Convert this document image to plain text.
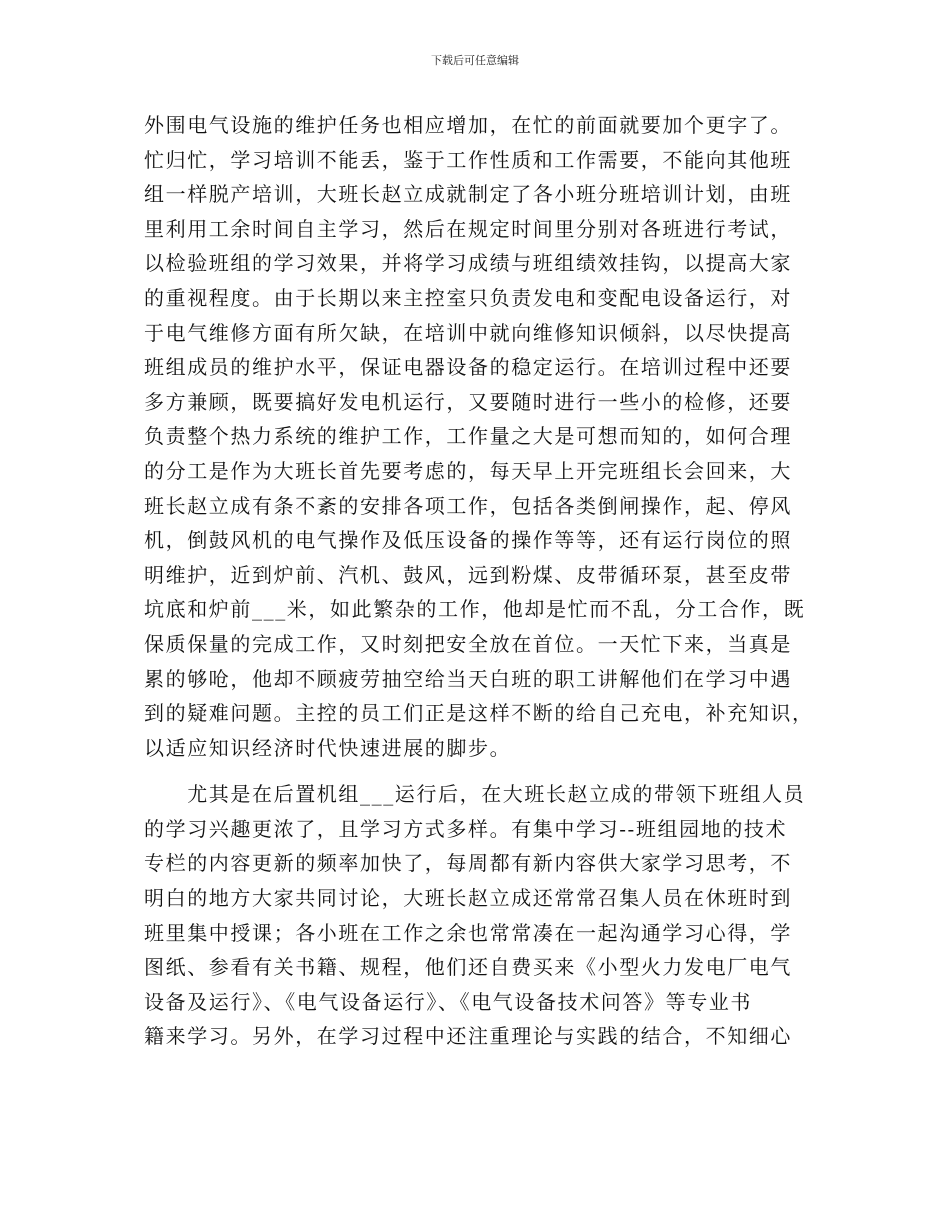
下载后可任意编辑
外围电气设施的维护任务也相应增加，在忙的前面就要加个更字了。
忙归忙，学习培训不能丢，鉴于工作性质和工作需要，不能向其他班
组一样脱产培训，大班长赵立成就制定了各小班分班培训计划，由班
里利用工余时间自主学习，然后在规定时间里分别对各班进行考试，
以检验班组的学习效果，并将学习成绩与班组绩效挂钩，以提高大家
的重视程度。由于长期以来主控室只负责发电和变配电设备运行，对
于电气维修方面有所欠缺，在培训中就向维修知识倾斜，以尽快提高
班组成员的维护水平，保证电器设备的稳定运行。在培训过程中还要
多方兼顾，既要搞好发电机运行，又要随时进行一些小的检修，还要
负责整个热力系统的维护工作，工作量之大是可想而知的，如何合理
的分工是作为大班长首先要考虑的，每天早上开完班组长会回来，大
班长赵立成有条不紊的安排各项工作，包括各类倒闸操作，起、停风
机，倒鼓风机的电气操作及低压设备的操作等等，还有运行岗位的照
明维护，近到炉前、汽机、鼓风，远到粉煤、皮带循环泵，甚至皮带
坑底和炉前___米，如此繁杂的工作，他却是忙而不乱，分工合作，既
保质保量的完成工作，又时刻把安全放在首位。一天忙下来，当真是
累的够呛，他却不顾疲劳抽空给当天白班的职工讲解他们在学习中遇
到的疑难问题。主控的员工们正是这样不断的给自己充电，补充知识，
以适应知识经济时代快速进展的脚步。
　　尤其是在后置机组___运行后，在大班长赵立成的带领下班组人员
的学习兴趣更浓了，且学习方式多样。有集中学习--班组园地的技术
专栏的内容更新的频率加快了，每周都有新内容供大家学习思考，不
明白的地方大家共同讨论，大班长赵立成还常常召集人员在休班时到
班里集中授课；各小班在工作之余也常常凑在一起沟通学习心得，学
图纸、参看有关书籍、规程，他们还自费买来《小型火力发电厂电气
设备及运行》、《电气设备运行》、《电气设备技术问答》等专业书
籍来学习。另外，在学习过程中还注重理论与实践的结合，不知细心
